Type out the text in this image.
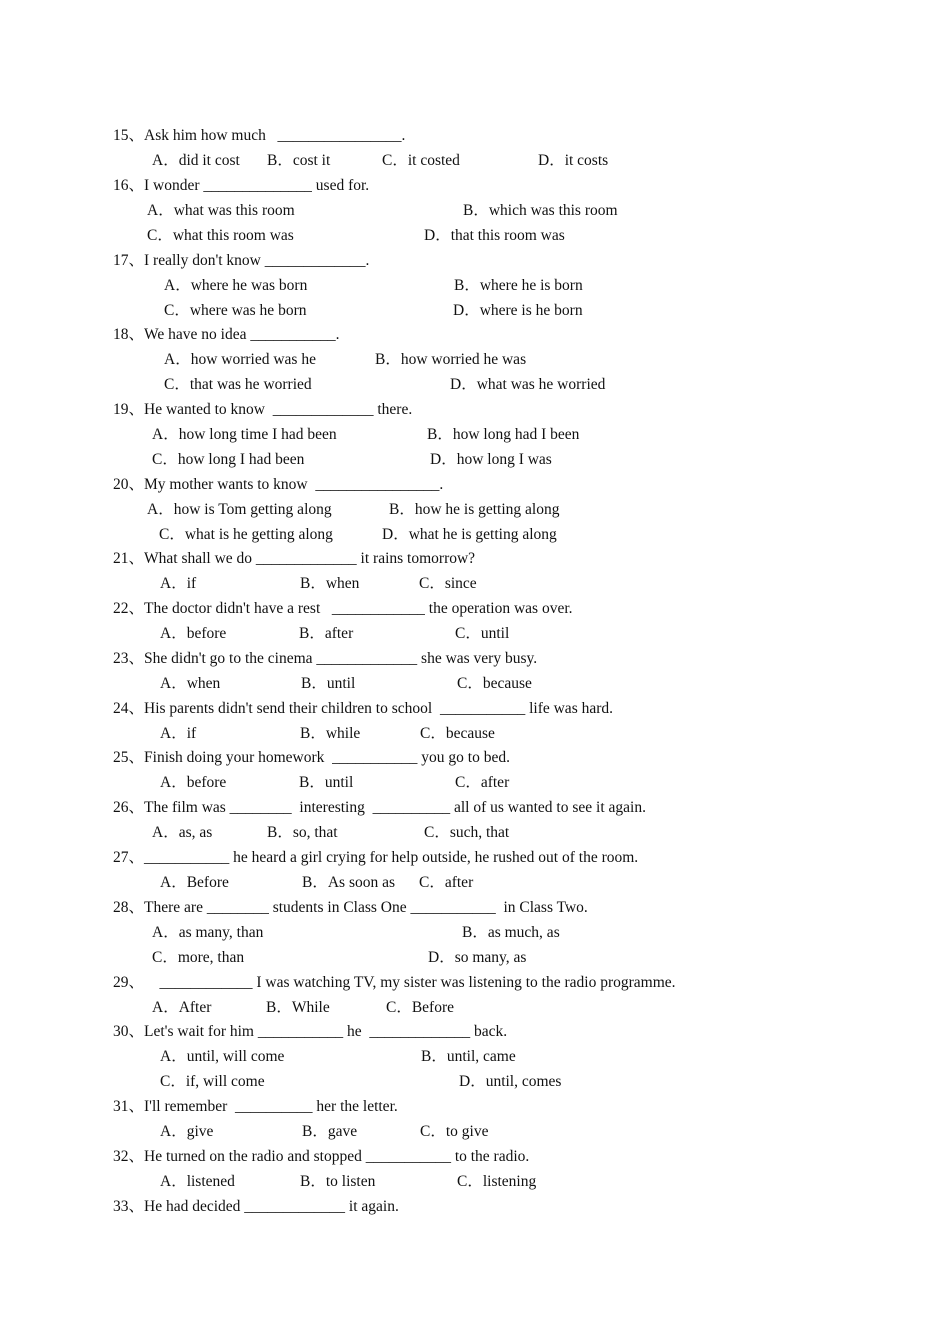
15、Ask him how much   ________________.
A．did it cost B．cost it	C．it costed	D．it costs
16、I wonder ______________ used for.
A．what was this room	B．which was this room
C．what this room was	D．that this room was
17、I really don't know _____________.
A．where he was born	B．where he is born
C．where was he born	D．where is he born
18、We have no idea ___________.
A．how worried was he	B．how worried he was
C．that was he worried	D．what was he worried
19、He wanted to know  _____________ there.
A．how long time I had been	B．how long had I been
C．how long I had been	D．how long I was
20、My mother wants to know  ________________.
A．how is Tom getting along	B．how he is getting along
C．what is he getting along	D．what he is getting along
21、What shall we do _____________ it rains tomorrow?
A．if	B．when	C．since
22、The doctor didn't have a rest   ____________ the operation was over.
A．before	B．after	C．until
23、She didn't go to the cinema _____________ she was very busy.
A．when	B．until	C．because
24、His parents didn't send their children to school  ___________ life was hard.
A．if	B．while	C．because
25、Finish doing your homework  ___________ you go to bed.
A．before	B．until	C．after
26、The film was ________  interesting  __________ all of us wanted to see it again.
A．as, as	B．so, that	C．such, that
27、___________ he heard a girl crying for help outside, he rushed out of the room.
A．Before	B．As soon as C．after
28、There are ________ students in Class One ___________  in Class Two.
A．as many, than	B．as much, as
C．more, than	D．so many, as
29、    ____________ I was watching TV, my sister was listening to the radio programme.
A．After	B．While	C．Before
30、Let's wait for him ___________ he  _____________ back.
A．until, will come	B．until, came
C．if, will come	D．until, comes
31、I'll remember  __________ her the letter.
A．give	B．gave	C．to give
32、He turned on the radio and stopped ___________ to the radio.
A．listened	B．to listen	C．listening
33、He had decided _____________ it again.
